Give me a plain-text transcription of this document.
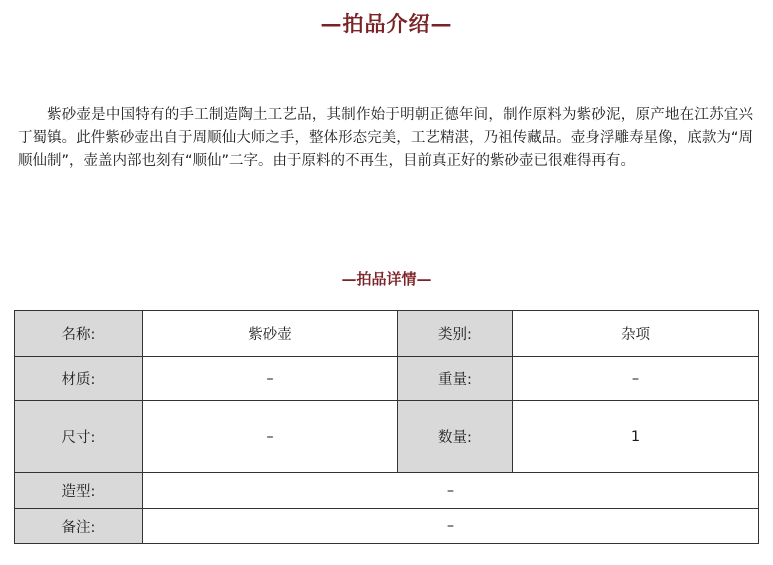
—拍品介绍—

紫砂壶是中国特有的手工制造陶土工艺品，其制作始于明朝正德年间，制作原料为紫砂泥，原产地在江苏宜兴丁蜀镇。此件紫砂壶出自于周顺仙大师之手，整体形态完美，工艺精湛，乃祖传藏品。壶身浮雕寿星像，底款为“周顺仙制”，壶盖内部也刻有“顺仙”二字。由于原料的不再生，目前真正好的紫砂壶已很难得再有。

—拍品详情—
名称:	紫砂壶	类别:	杂项
材质:	–	重量:	–
尺寸:	–	数量:	1
造型:	–		
备注:	–		
